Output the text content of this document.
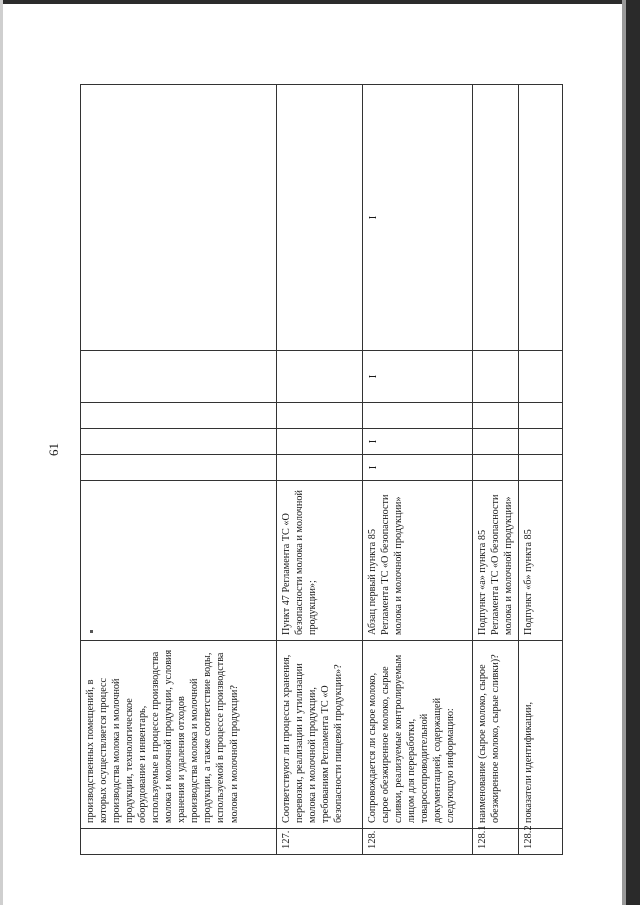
61
	производственных помещений, в которых осуществляется процесс производства молока и молочной продукции, технологическое оборудование и инвентарь, используемые в процессе производства молока и молочной продукции, условия хранения и удаления отходов производства молока и молочной продукции, а также соответствие воды, используемой в процессе производства молока и молочной продукции?						
127.	Соответствуют ли процессы хранения, перевозки, реализации и утилизации молока и молочной продукции, требованиям Регламента ТС «О безопасности пищевой продукции»?	Пункт 47 Регламента ТС «О безопасности молока и молочной продукции»;					
128.	Сопровождается ли сырое молоко, сырое обезжиренное молоко, сырые сливки, реализуемые контролируемым лицом для переработки, товаросопроводительной документацией, содержащей следующую информацию:	Абзац первый пункта 85 Регламента ТС «О безопасности молока и молочной продукции»	I	I		I	I
128.1	наименование (сырое молоко, сырое обезжиренное молоко, сырые сливки)?	Подпункт «а» пункта 85 Регламента ТС «О безопасности молока и молочной продукции»					
128.2	показатели идентификации,	Подпункт «б» пункта 85					
